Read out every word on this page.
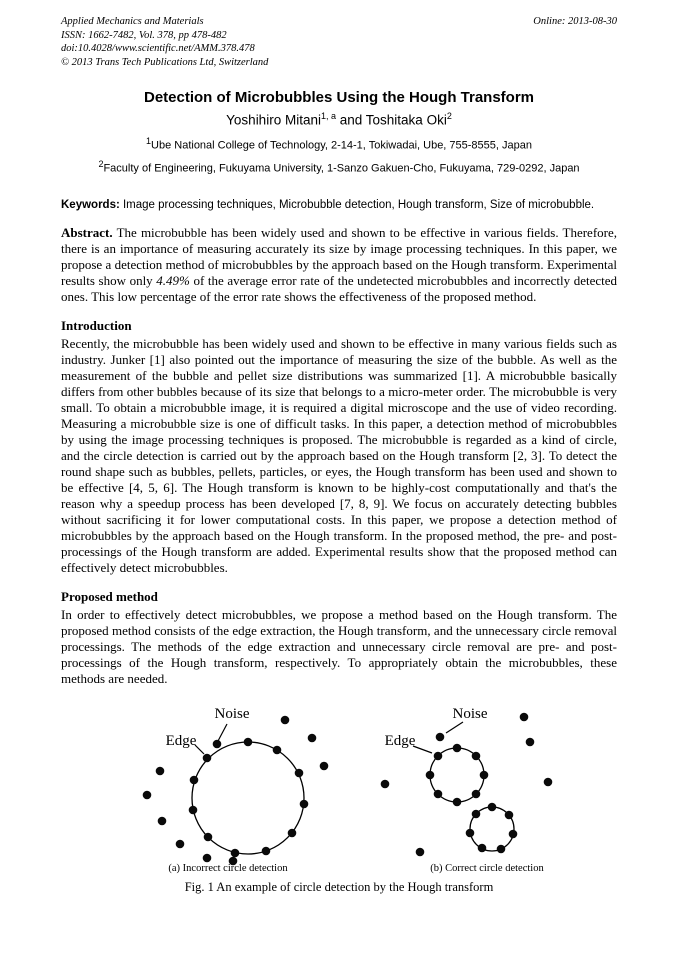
Applied Mechanics and Materials
ISSN: 1662-7482, Vol. 378, pp 478-482
doi:10.4028/www.scientific.net/AMM.378.478
© 2013 Trans Tech Publications Ltd, Switzerland
Online: 2013-08-30
Detection of Microbubbles Using the Hough Transform
Yoshihiro Mitani$^{1, a}$ and Toshitaka Oki$^2$
$^1$Ube National College of Technology, 2-14-1, Tokiwadai, Ube, 755-8555, Japan
$^2$Faculty of Engineering, Fukuyama University, 1-Sanzo Gakuen-Cho, Fukuyama, 729-0292, Japan

Keywords: Image processing techniques, Microbubble detection, Hough transform, Size of microbubble.

Abstract. The microbubble has been widely used and shown to be effective in various fields. Therefore, there is an importance of measuring accurately its size by image processing techniques. In this paper, we propose a detection method of microbubbles by the approach based on the Hough transform. Experimental results show only 4.49% of the average error rate of the undetected microbubbles and incorrectly detected ones. This low percentage of the error rate shows the effectiveness of the proposed method.

Introduction

Recently, the microbubble has been widely used and shown to be effective in many various fields such as industry. Junker [1] also pointed out the importance of measuring the size of the bubble. As well as the measurement of the bubble and pellet size distributions was summarized [1]. A microbubble basically differs from other bubbles because of its size that belongs to a micro-meter order. The microbubble is very small. To obtain a microbubble image, it is required a digital microscope and the use of video recording. Measuring a microbubble size is one of difficult tasks. In this paper, a detection method of microbubbles by using the image processing techniques is proposed. The microbubble is regarded as a kind of circle, and the circle detection is carried out by the approach based on the Hough transform [2, 3]. To detect the round shape such as bubbles, pellets, particles, or eyes, the Hough transform has been used and shown to be effective [4, 5, 6]. The Hough transform is known to be highly-cost computationally and that's the reason why a speedup process has been developed [7, 8, 9]. We focus on accurately detecting bubbles without sacrificing it for lower computational costs. In this paper, we propose a detection method of microbubbles by the approach based on the Hough transform. In the proposed method, the pre- and post-processings of the Hough transform are added. Experimental results show that the proposed method can effectively detect microbubbles.

Proposed method

In order to effectively detect microbubbles, we propose a method based on the Hough transform. The proposed method consists of the edge extraction, the Hough transform, and the unnecessary circle removal processings. The methods of the edge extraction and unnecessary circle removal are pre- and post-processings of the Hough transform, respectively. To appropriately obtain the microbubbles, these methods are needed.

Noise
Edge
(a) Incorrect circle detection
Noise
Edge
(b) Correct circle detection
Fig. 1 An example of circle detection by the Hough transform
